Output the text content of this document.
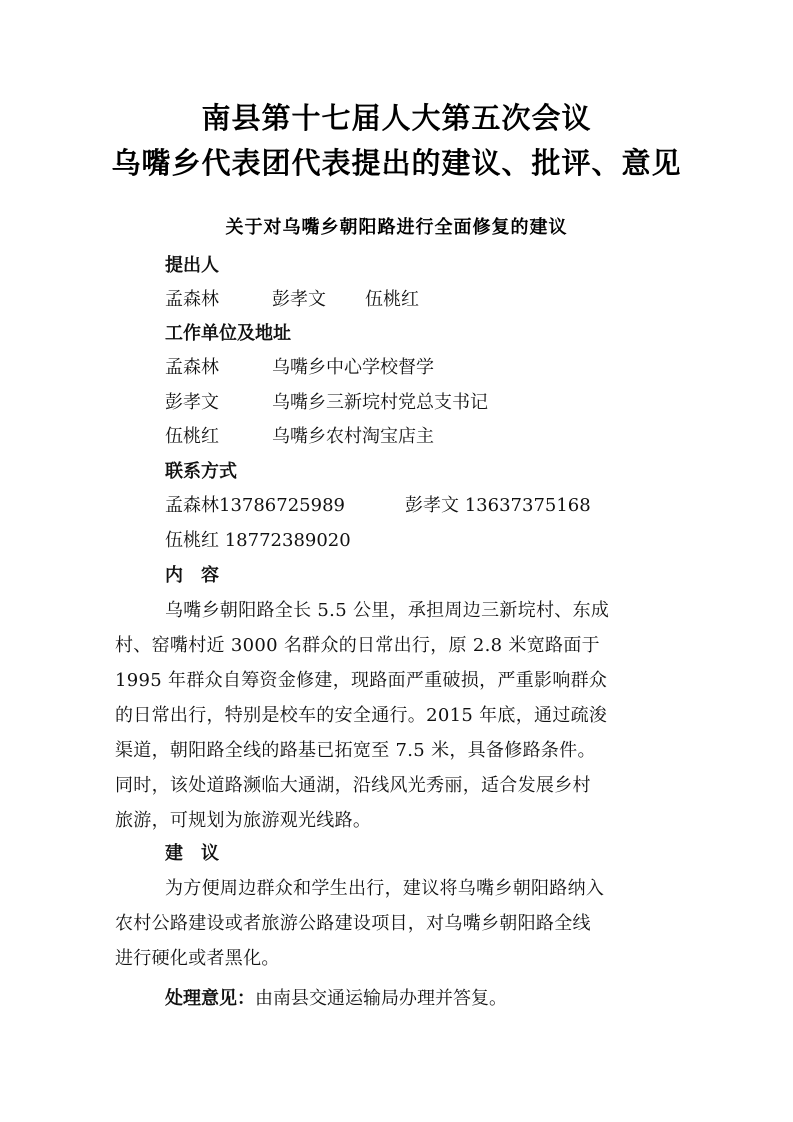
南县第十七届人大第五次会议
乌嘴乡代表团代表提出的建议、批评、意见
关于对乌嘴乡朝阳路进行全面修复的建议
提出人
孟森林	彭孝文 伍桃红
工作单位及地址
孟森林	乌嘴乡中心学校督学
彭孝文	乌嘴乡三新垸村党总支书记
伍桃红	乌嘴乡农村淘宝店主
联系方式
孟森林13786725989	彭孝文 13637375168
伍桃红 18772389020
内　容
乌嘴乡朝阳路全长 5.5 公里，承担周边三新垸村、东成
村、窑嘴村近 3000 名群众的日常出行，原 2.8 米宽路面于
1995 年群众自筹资金修建，现路面严重破损，严重影响群众
的日常出行，特别是校车的安全通行。2015 年底，通过疏浚
渠道，朝阳路全线的路基已拓宽至 7.5 米，具备修路条件。
同时，该处道路濒临大通湖，沿线风光秀丽，适合发展乡村
旅游，可规划为旅游观光线路。
建　议
为方便周边群众和学生出行，建议将乌嘴乡朝阳路纳入
农村公路建设或者旅游公路建设项目，对乌嘴乡朝阳路全线
进行硬化或者黑化。
处理意见：由南县交通运输局办理并答复。
